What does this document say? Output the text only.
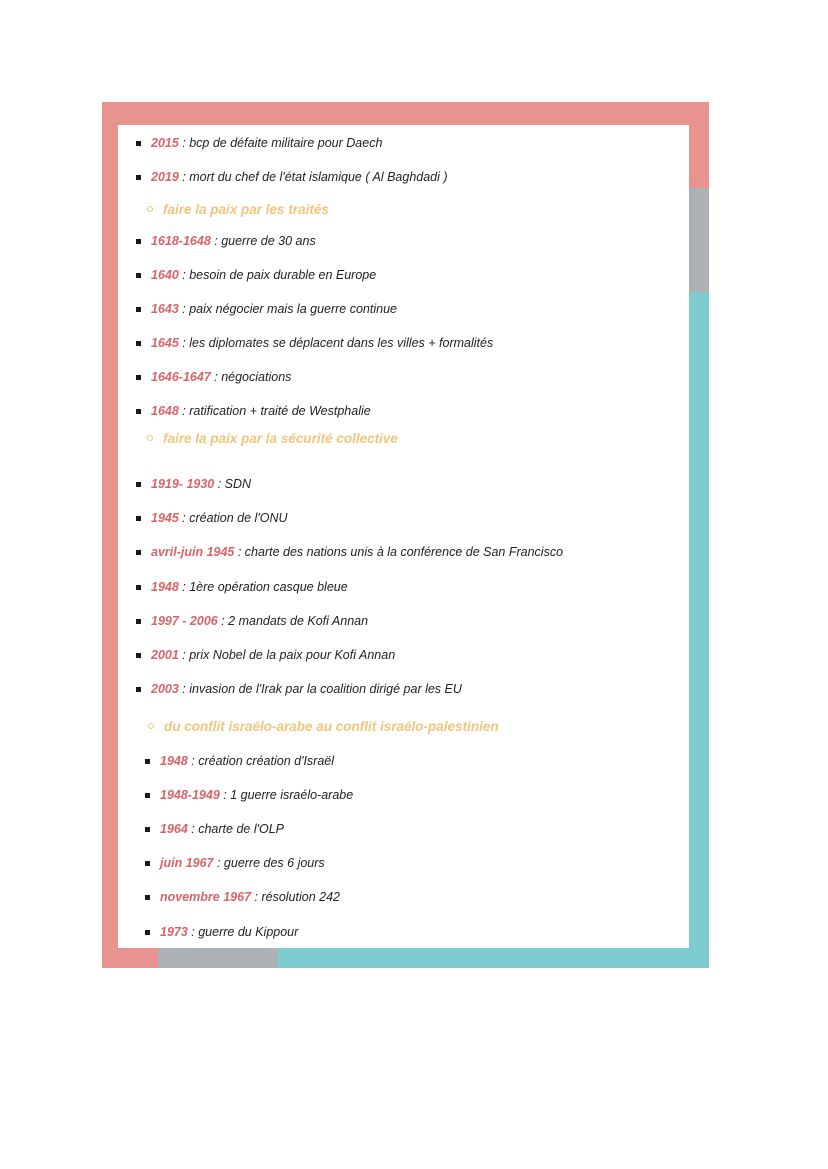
2015 : bcp de défaite militaire pour Daech
2019 : mort du chef de l'état islamique ( Al Baghdadi )
faire la paix par les traités
1618-1648 : guerre de 30 ans
1640 : besoin de paix durable en Europe
1643 : paix négocier mais la guerre continue
1645 : les diplomates se déplacent dans les villes + formalités
1646-1647 : négociations
1648 : ratification + traité de Westphalie
faire la paix par la sécurité collective
1919- 1930 : SDN
1945 : création de l'ONU
avril-juin 1945 : charte des nations unis à la conférence de San Francisco
1948 : 1ère opération casque bleue
1997 - 2006 : 2 mandats de Kofi Annan
2001 : prix Nobel de la paix pour Kofi Annan
2003 : invasion de l'Irak par la coalition dirigé par les EU
du conflit israélo-arabe au conflit israélo-palestinien
1948 : création création d'Israël
1948-1949 : 1 guerre israélo-arabe
1964 : charte de l'OLP
juin 1967 : guerre des 6 jours
novembre 1967 : résolution 242
1973 : guerre du Kippour
